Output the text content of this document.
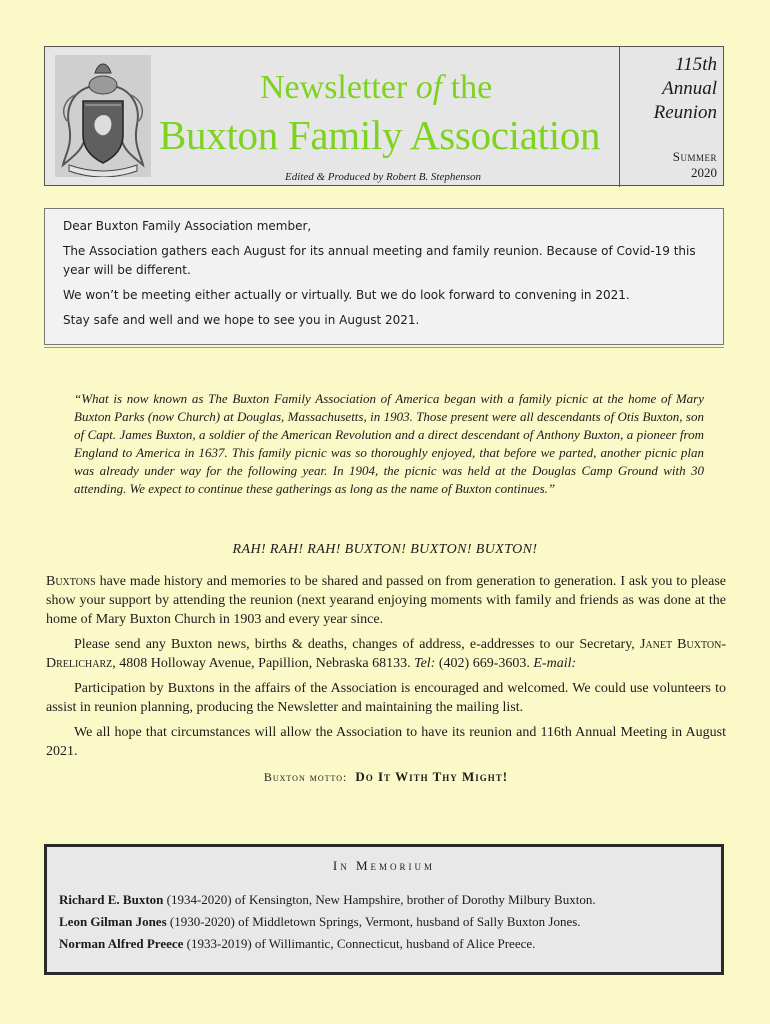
Newsletter of the
Buxton Family Association
Edited & Produced by Robert B. Stephenson
115th
Annual
Reunion
Summer
2020

Dear Buxton Family Association member,

The Association gathers each August for its annual meeting and family reunion. Because of Covid-19 this year will be different.

We won’t be meeting either actually or virtually. But we do look forward to convening in 2021.

Stay safe and well and we hope to see you in August 2021.

“What is now known as The Buxton Family Association of America began with a family picnic at the home of Mary Buxton Parks (now Church) at Douglas, Massachusetts, in 1903. Those present were all descendants of Otis Buxton, son of Capt. James Buxton, a soldier of the American Revolution and a direct descendant of Anthony Buxton, a pioneer from England to America in 1637. This family picnic was so thoroughly enjoyed, that before we parted, another picnic plan was already under way for the following year. In 1904, the picnic was held at the Douglas Camp Ground with 30 attending. We expect to continue these gatherings as long as the name of Buxton continues.”
RAH! RAH! RAH! BUXTON! BUXTON! BUXTON!

Buxtons have made history and memories to be shared and passed on from generation to generation. I ask you to please show your support by attending the reunion (next yearand enjoying moments with family and friends as was done at the home of Mary Buxton Church in 1903 and every year since.

Please send any Buxton news, births & deaths, changes of address, e-addresses to our Secretary, Janet Buxton-Drelicharz, 4808 Holloway Avenue, Papillion, Nebraska 68133. Tel: (402) 669-3603. E-mail:

Participation by Buxtons in the affairs of the Association is encouraged and welcomed. We could use volunteers to assist in reunion planning, producing the Newsletter and maintaining the mailing list.

We all hope that circumstances will allow the Association to have its reunion and 116th Annual Meeting in August 2021.

Buxton motto: Do It With Thy Might!
In Memorium
Richard E. Buxton (1934-2020) of Kensington, New Hampshire, brother of Dorothy Milbury Buxton.
Leon Gilman Jones (1930-2020) of Middletown Springs, Vermont, husband of Sally Buxton Jones.
Norman Alfred Preece (1933-2019) of Willimantic, Connecticut, husband of Alice Preece.
